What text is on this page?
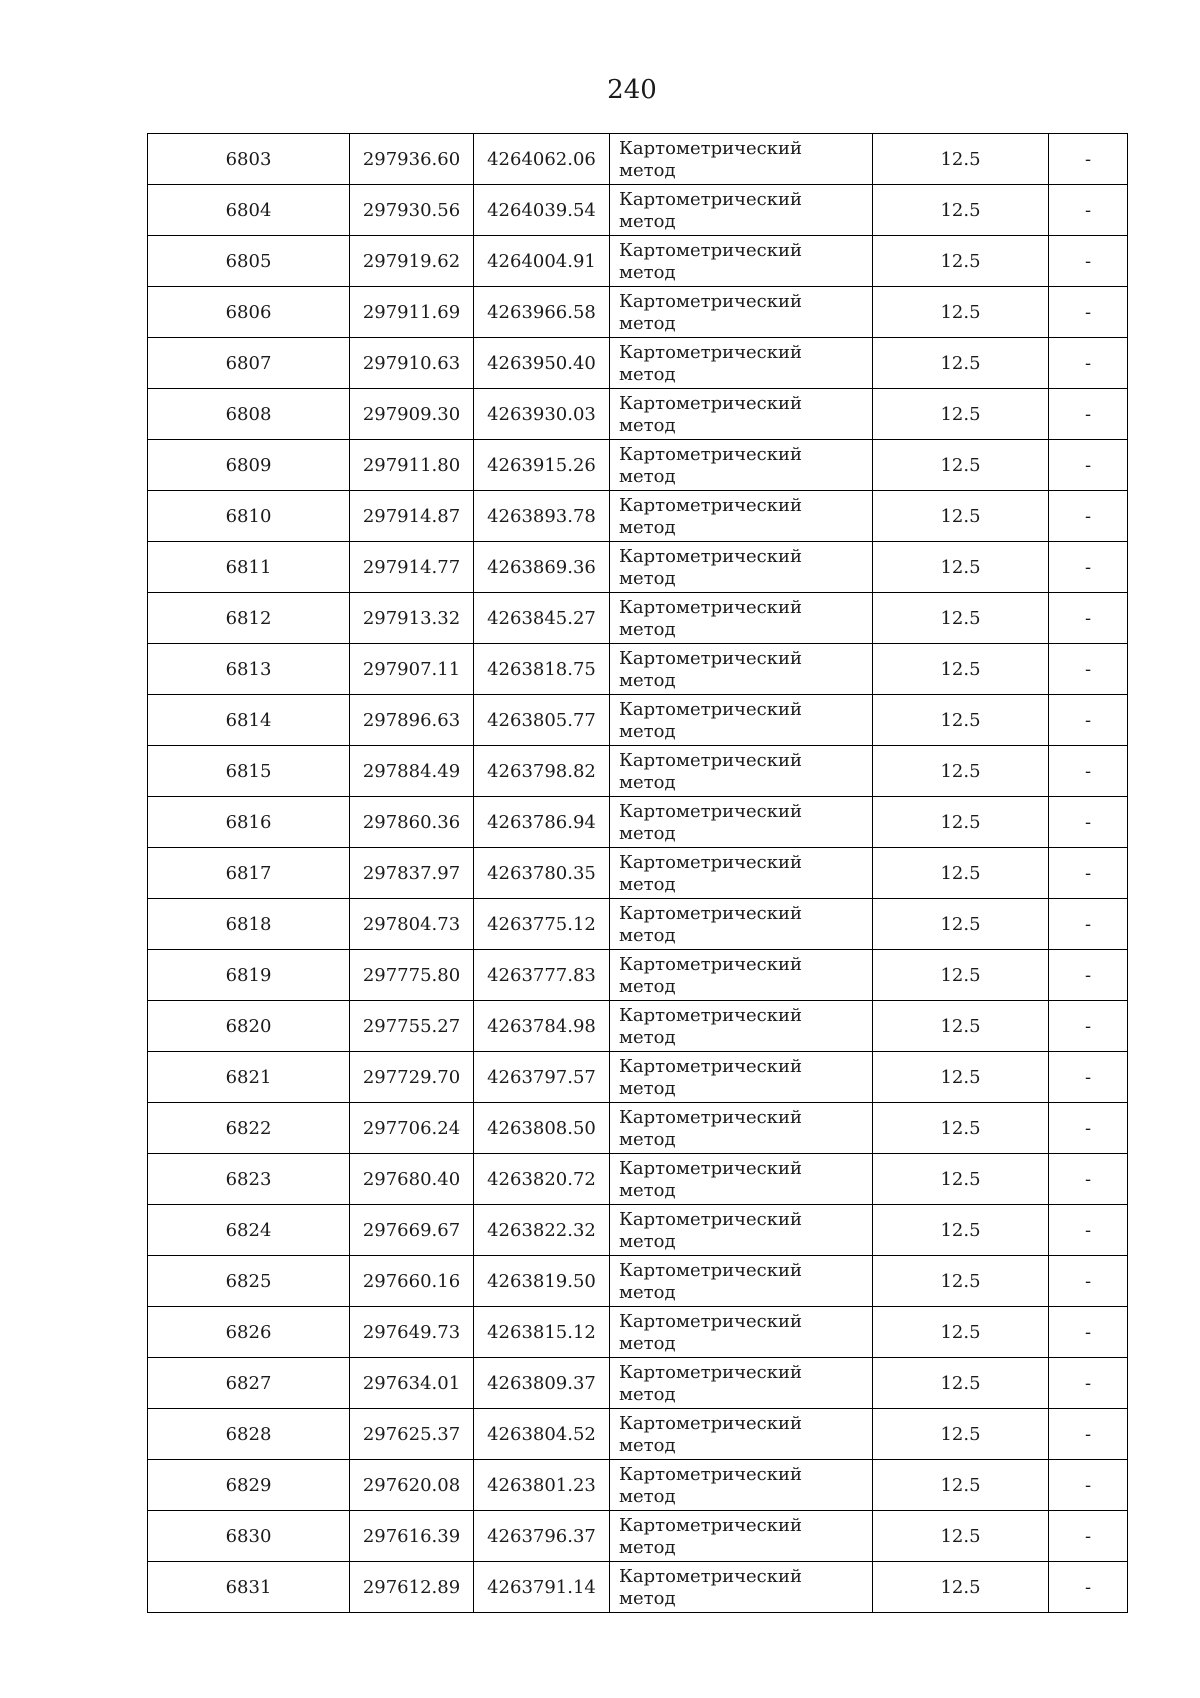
240
6803	297936.60	4264062.06	Картометрический метод	12.5	-
6804	297930.56	4264039.54	Картометрический метод	12.5	-
6805	297919.62	4264004.91	Картометрический метод	12.5	-
6806	297911.69	4263966.58	Картометрический метод	12.5	-
6807	297910.63	4263950.40	Картометрический метод	12.5	-
6808	297909.30	4263930.03	Картометрический метод	12.5	-
6809	297911.80	4263915.26	Картометрический метод	12.5	-
6810	297914.87	4263893.78	Картометрический метод	12.5	-
6811	297914.77	4263869.36	Картометрический метод	12.5	-
6812	297913.32	4263845.27	Картометрический метод	12.5	-
6813	297907.11	4263818.75	Картометрический метод	12.5	-
6814	297896.63	4263805.77	Картометрический метод	12.5	-
6815	297884.49	4263798.82	Картометрический метод	12.5	-
6816	297860.36	4263786.94	Картометрический метод	12.5	-
6817	297837.97	4263780.35	Картометрический метод	12.5	-
6818	297804.73	4263775.12	Картометрический метод	12.5	-
6819	297775.80	4263777.83	Картометрический метод	12.5	-
6820	297755.27	4263784.98	Картометрический метод	12.5	-
6821	297729.70	4263797.57	Картометрический метод	12.5	-
6822	297706.24	4263808.50	Картометрический метод	12.5	-
6823	297680.40	4263820.72	Картометрический метод	12.5	-
6824	297669.67	4263822.32	Картометрический метод	12.5	-
6825	297660.16	4263819.50	Картометрический метод	12.5	-
6826	297649.73	4263815.12	Картометрический метод	12.5	-
6827	297634.01	4263809.37	Картометрический метод	12.5	-
6828	297625.37	4263804.52	Картометрический метод	12.5	-
6829	297620.08	4263801.23	Картометрический метод	12.5	-
6830	297616.39	4263796.37	Картометрический метод	12.5	-
6831	297612.89	4263791.14	Картометрический метод	12.5	-
